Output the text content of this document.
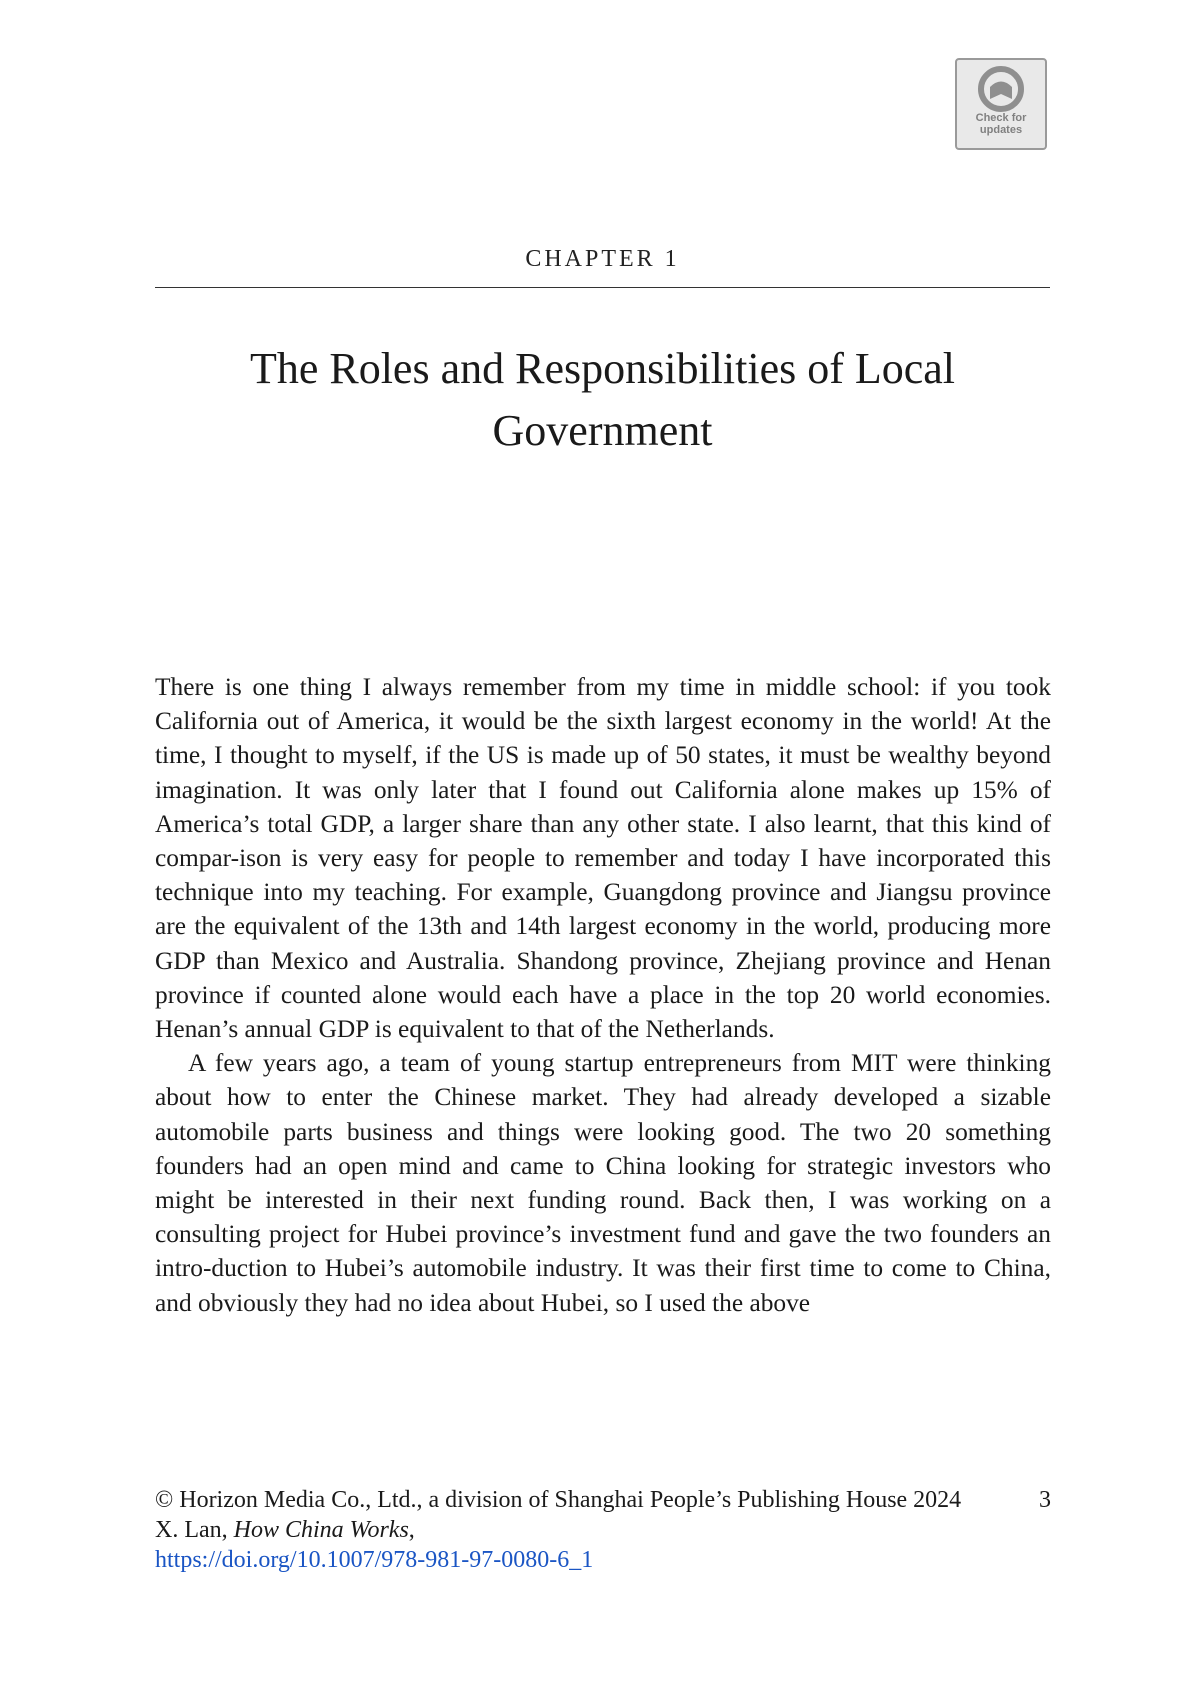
Check for
updates
CHAPTER 1
The Roles and Responsibilities of Local Government

There is one thing I always remember from my time in middle school: if you took California out of America, it would be the sixth largest economy in the world! At the time, I thought to myself, if the US is made up of 50 states, it must be wealthy beyond imagination. It was only later that I found out California alone makes up 15% of America’s total GDP, a larger share than any other state. I also learnt, that this kind of compar-ison is very easy for people to remember and today I have incorporated this technique into my teaching. For example, Guangdong province and Jiangsu province are the equivalent of the 13th and 14th largest economy in the world, producing more GDP than Mexico and Australia. Shandong province, Zhejiang province and Henan province if counted alone would each have a place in the top 20 world economies. Henan’s annual GDP is equivalent to that of the Netherlands.

A few years ago, a team of young startup entrepreneurs from MIT were thinking about how to enter the Chinese market. They had already developed a sizable automobile parts business and things were looking good. The two 20 something founders had an open mind and came to China looking for strategic investors who might be interested in their next funding round. Back then, I was working on a consulting project for Hubei province’s investment fund and gave the two founders an intro-duction to Hubei’s automobile industry. It was their first time to come to China, and obviously they had no idea about Hubei, so I used the above

© Horizon Media Co., Ltd., a division of Shanghai People’s Publishing House 2024	3
X. Lan, How China Works,
https://doi.org/10.1007/978-981-97-0080-6_1
